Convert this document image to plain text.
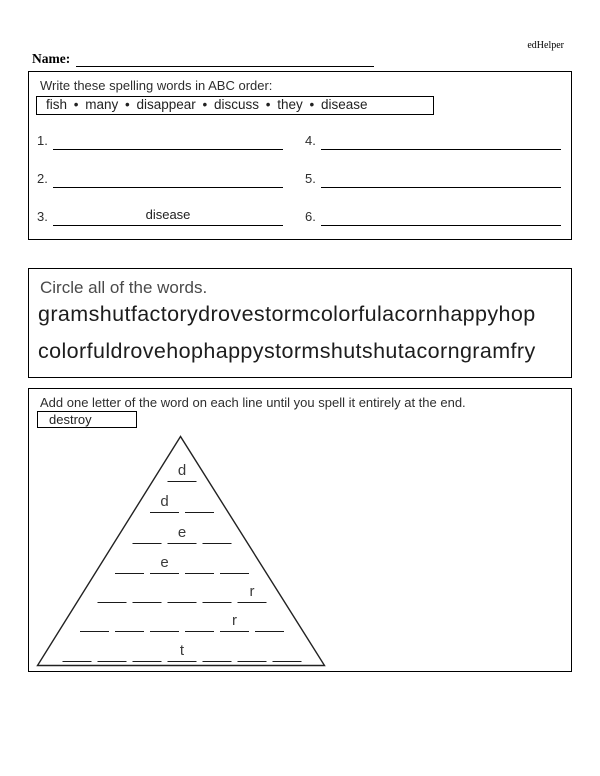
edHelper
Name:
Write these spelling words in ABC order:
fish • many • disappear • discuss • they • disease
1.
2.
3.	disease
4.
5.
6.
Circle all of the words.
gramshutfactorydrovestormcolorfulacornhappyhop
colorfuldrovehophappystormshutshutacorngramfry
Add one letter of the word on each line until you spell it entirely at the end.
destroy
d
d
e
e
r
r
t
